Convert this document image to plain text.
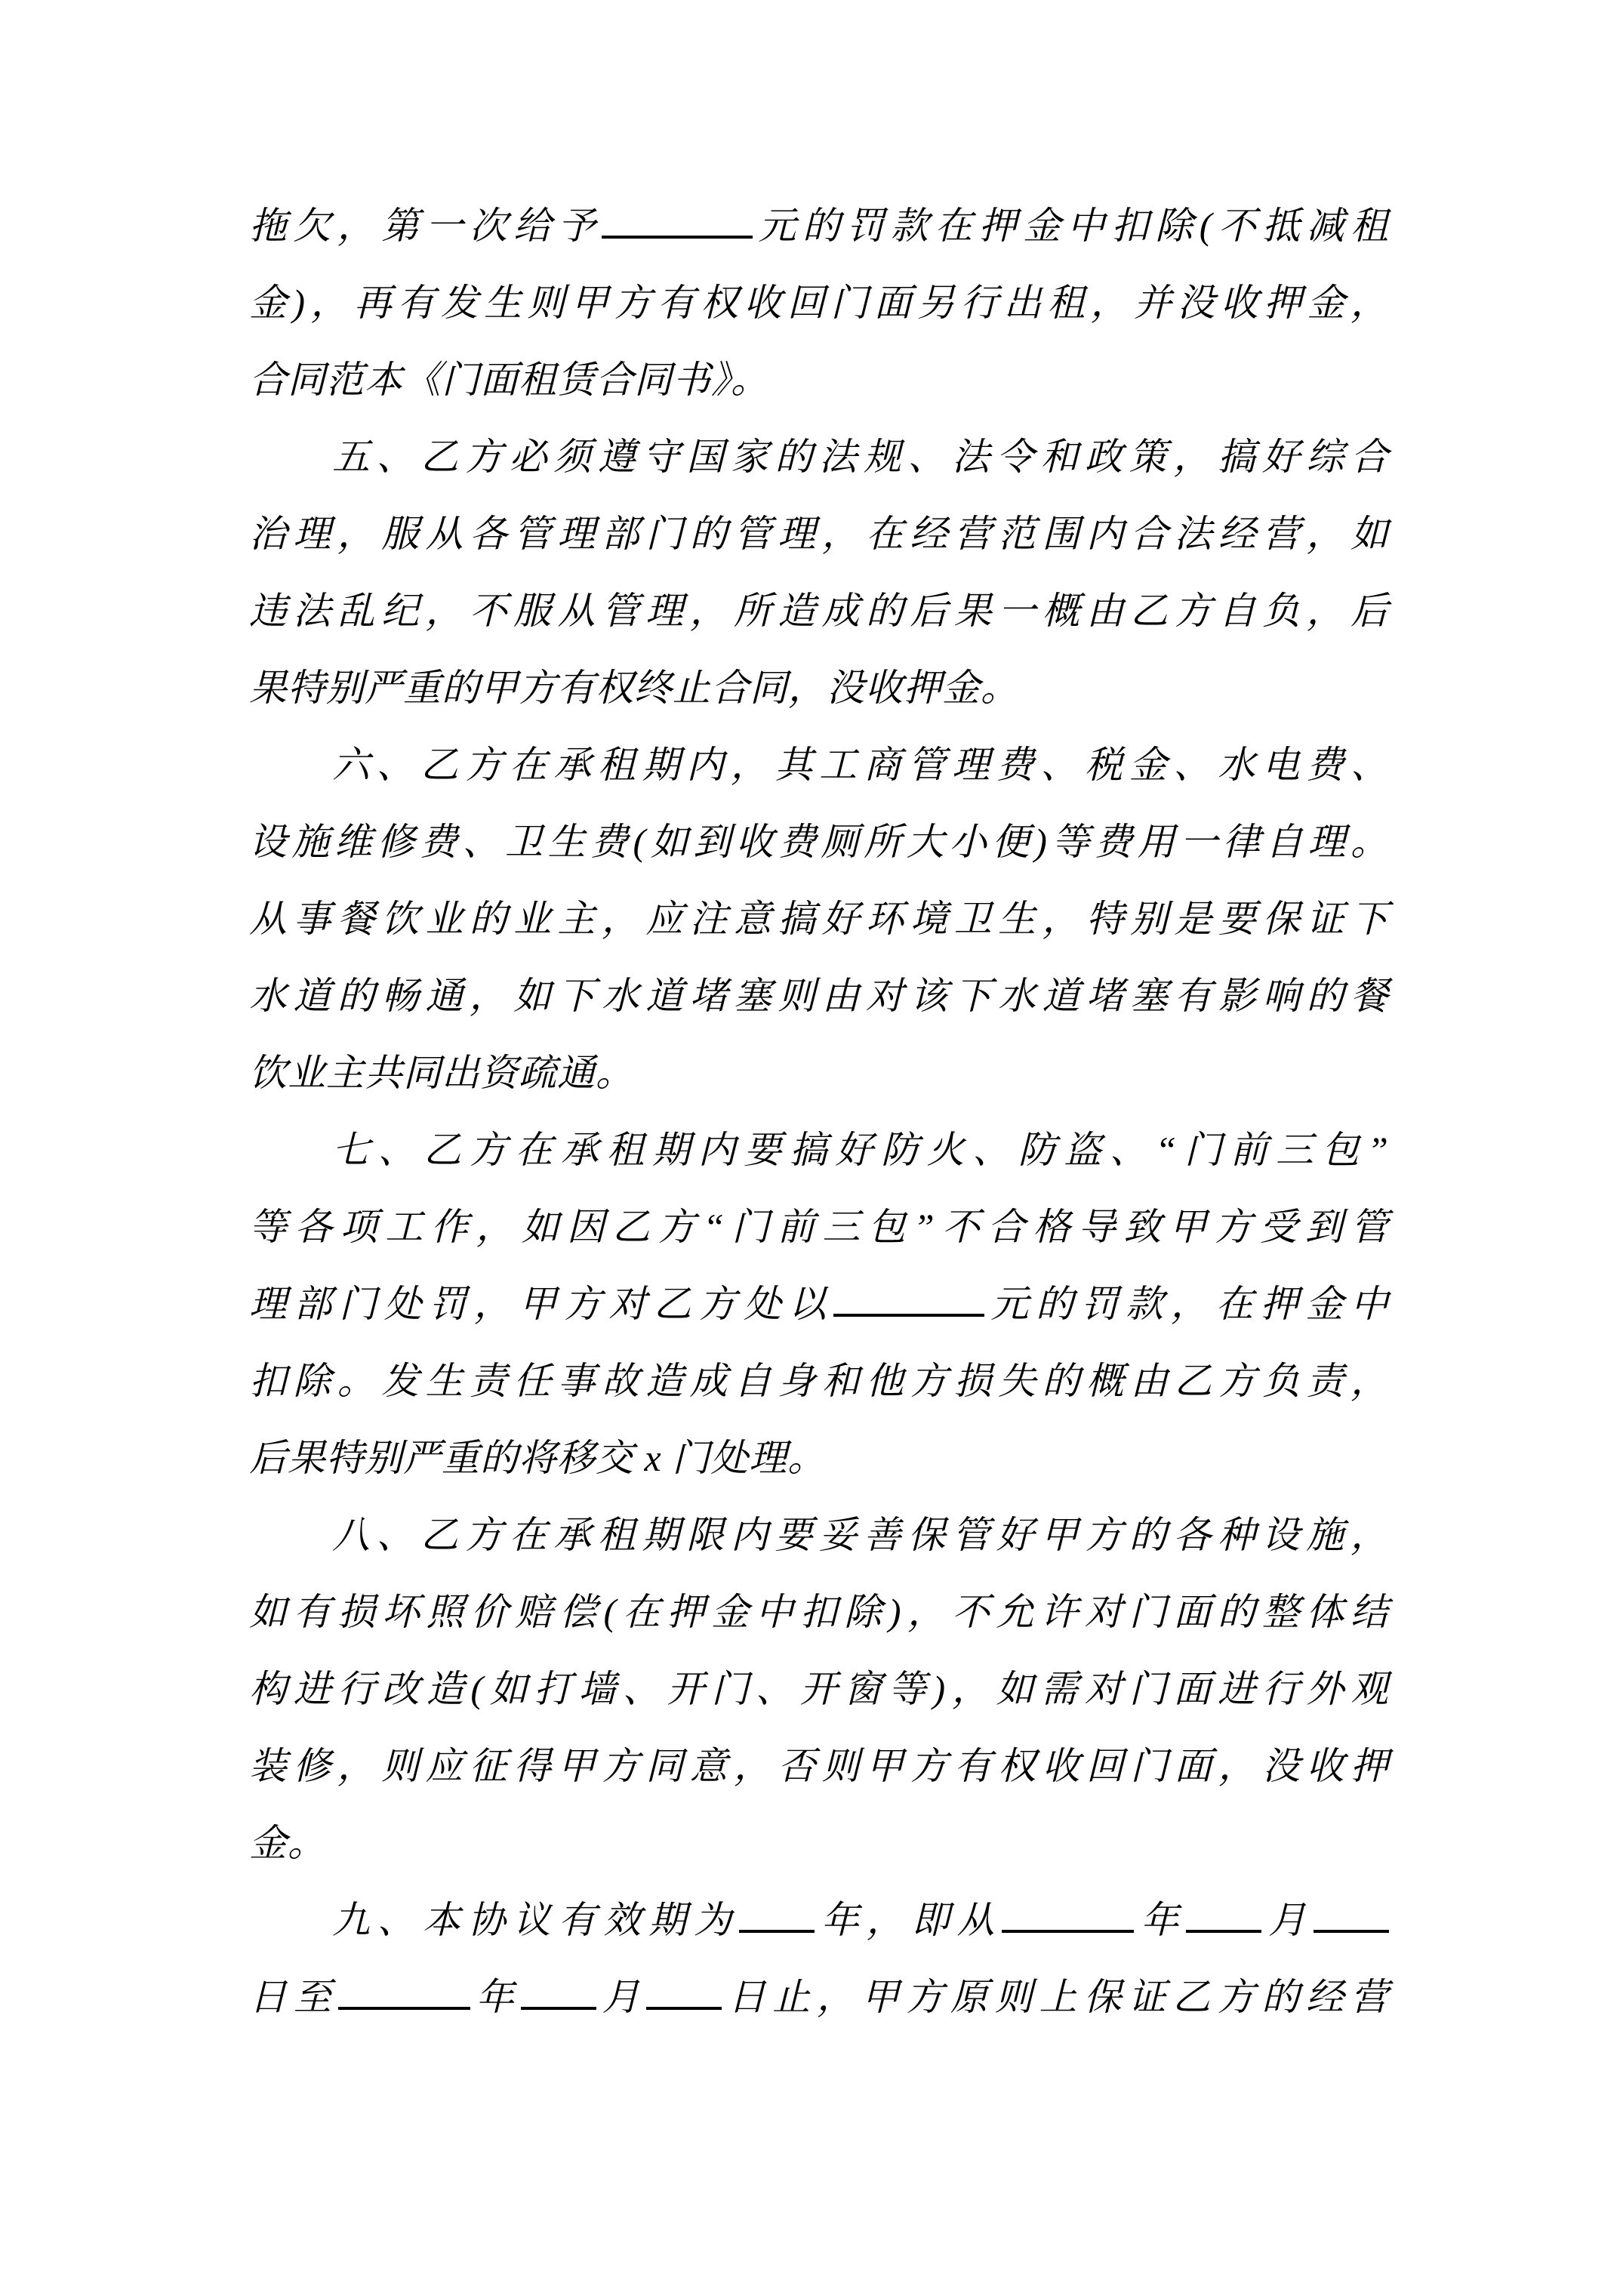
拖欠，第一次给予	元的罚款在押金中扣除(不抵减租
金)，再有发生则甲方有权收回门面另行出租，并没收押金，
合同范本《门面租赁合同书》。
五、乙方必须遵守国家的法规、法令和政策，搞好综合
治理，服从各管理部门的管理，在经营范围内合法经营，如
违法乱纪，不服从管理，所造成的后果一概由乙方自负，后
果特别严重的甲方有权终止合同，没收押金。
六、乙方在承租期内，其工商管理费、税金、水电费、
设施维修费、卫生费(如到收费厕所大小便)等费用一律自理。
从事餐饮业的业主，应注意搞好环境卫生，特别是要保证下
水道的畅通，如下水道堵塞则由对该下水道堵塞有影响的餐
饮业主共同出资疏通。
七、乙方在承租期内要搞好防火、防盗、“门前三包”
等各项工作，如因乙方“门前三包”不合格导致甲方受到管
理部门处罚，甲方对乙方处以	元的罚款，在押金中
扣除。发生责任事故造成自身和他方损失的概由乙方负责，
后果特别严重的将移交 x 门处理。
八、乙方在承租期限内要妥善保管好甲方的各种设施，
如有损坏照价赔偿(在押金中扣除)，不允许对门面的整体结
构进行改造(如打墙、开门、开窗等)，如需对门面进行外观
装修，则应征得甲方同意，否则甲方有权收回门面，没收押
金。
九、本协议有效期为 年，即从	年 月
日至	年 月 日止，甲方原则上保证乙方的经营
